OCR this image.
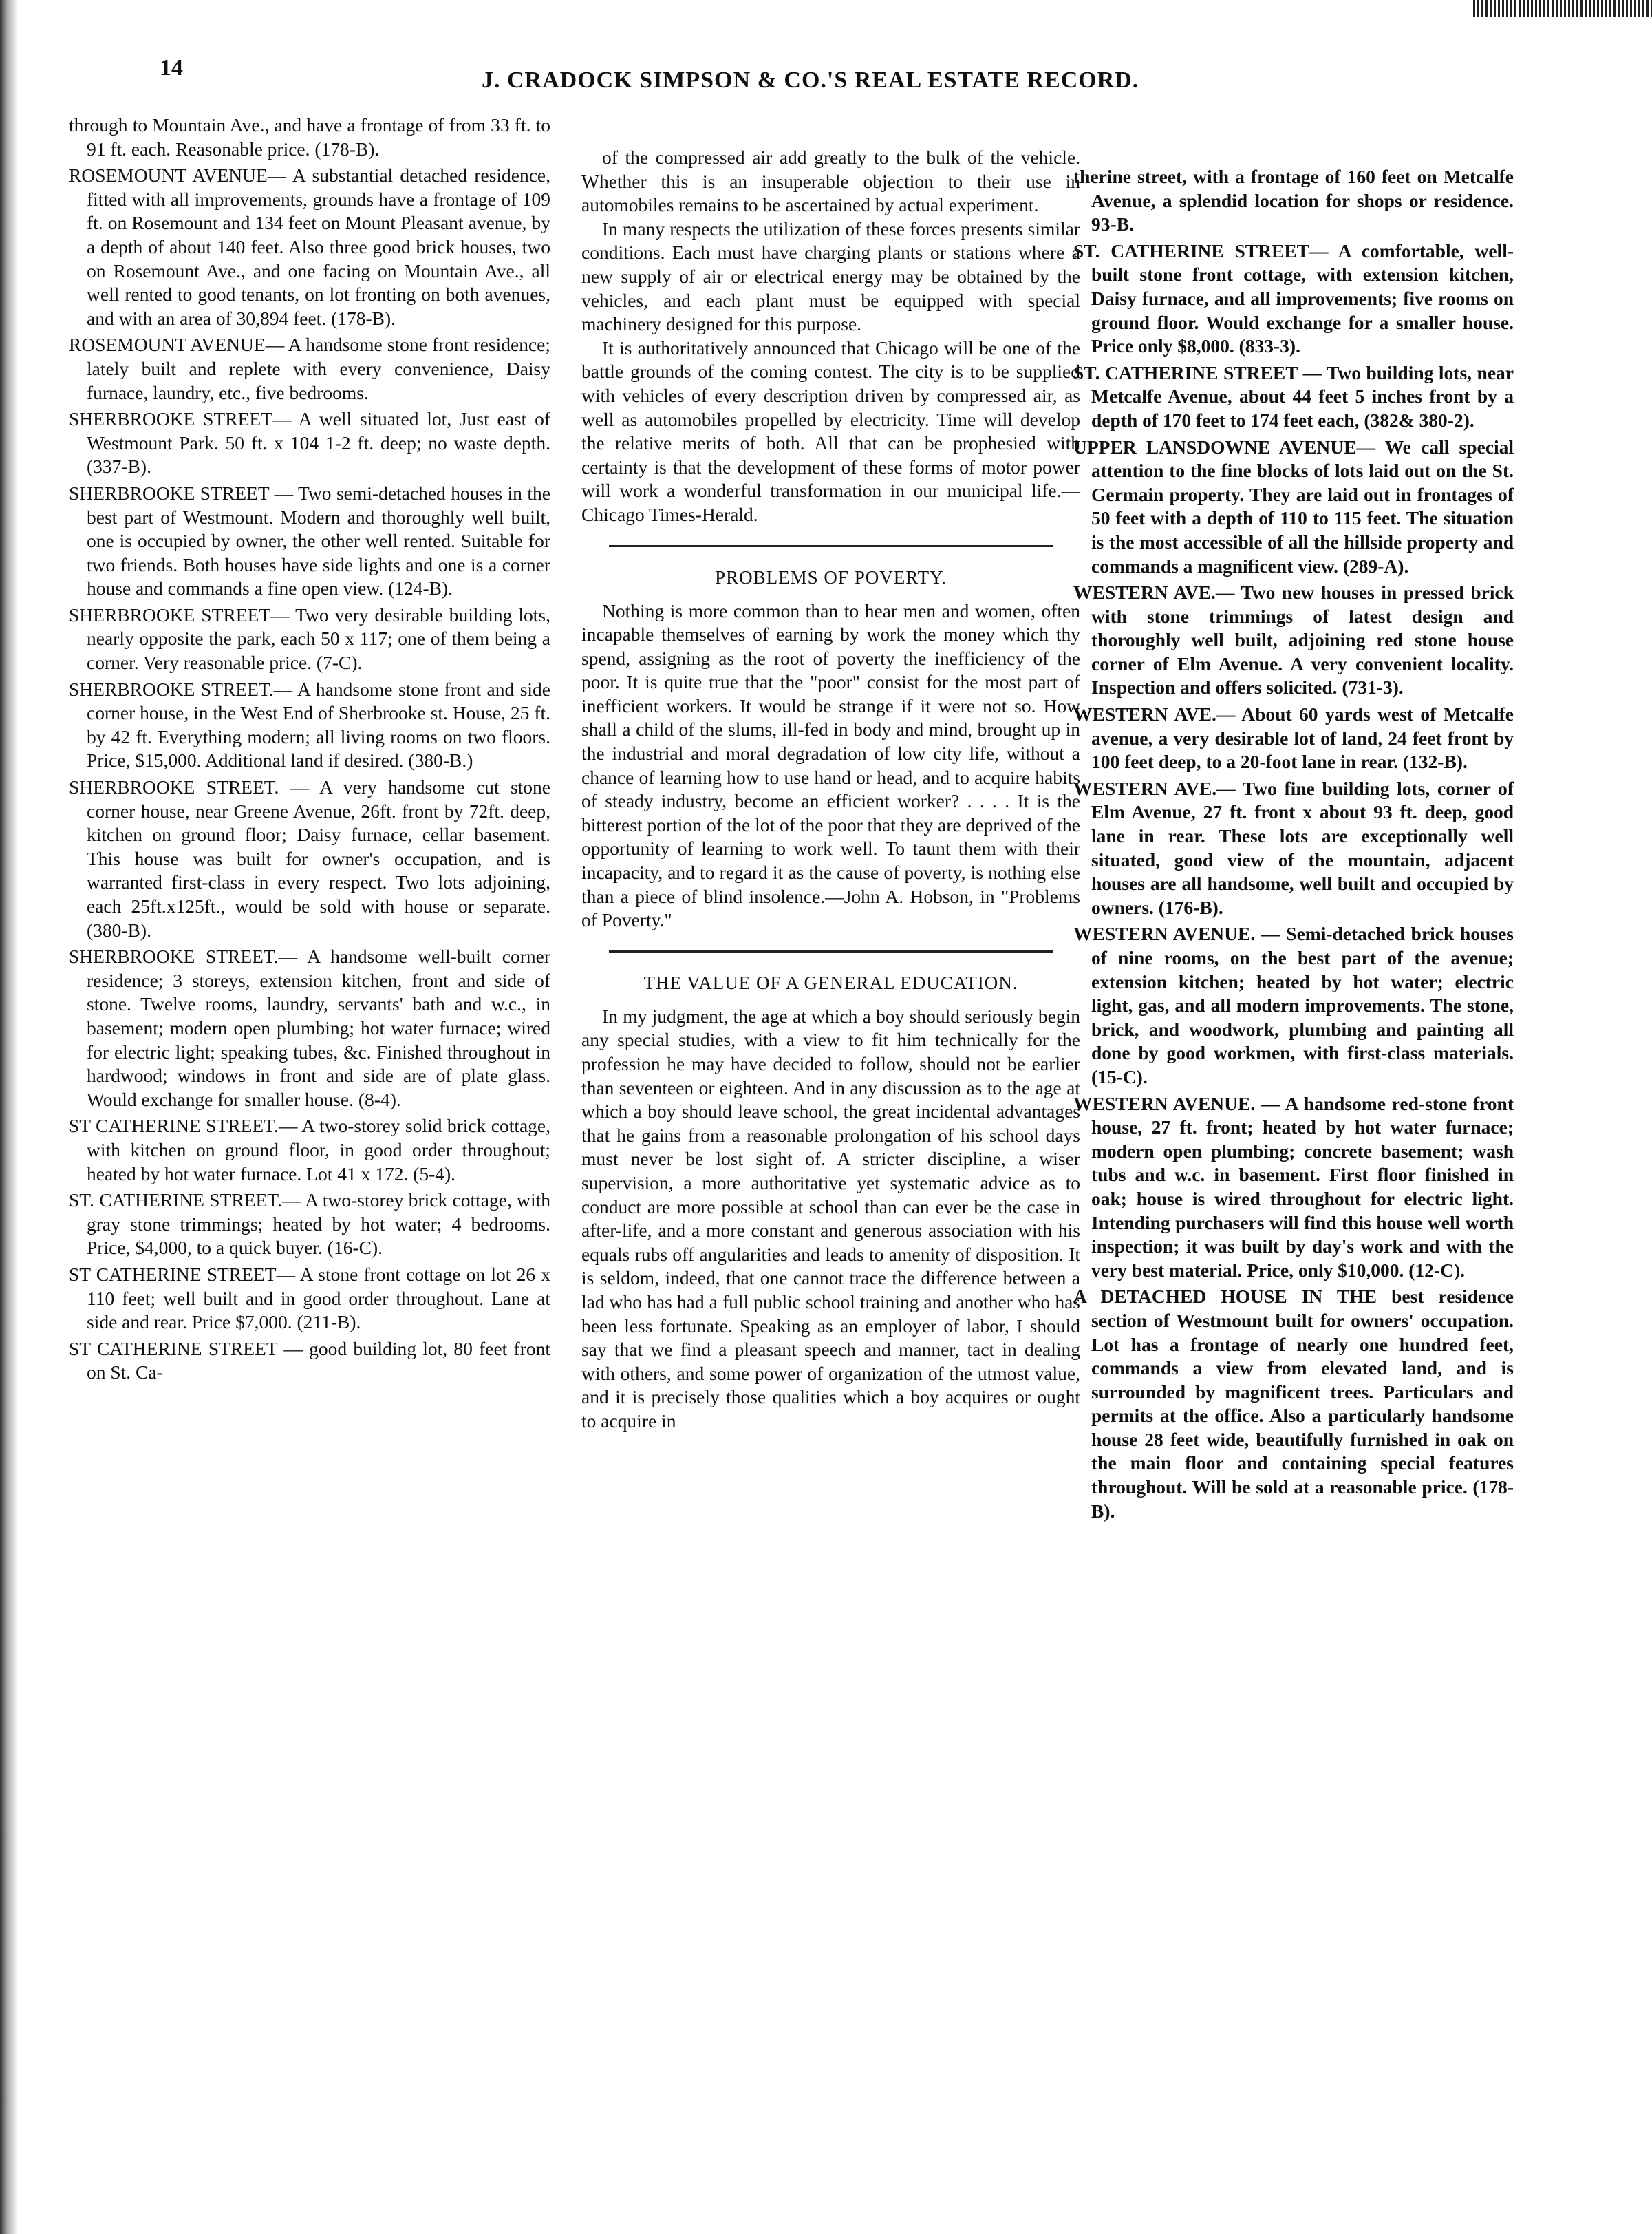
14	J. CRADOCK SIMPSON & CO.'S REAL ESTATE RECORD.

through to Mountain Ave., and have a frontage of from 33 ft. to 91 ft. each. Reasonable price. (178-B).

ROSEMOUNT AVENUE— A substantial detached residence, fitted with all improvements, grounds have a frontage of 109 ft. on Rosemount and 134 feet on Mount Pleasant avenue, by a depth of about 140 feet. Also three good brick houses, two on Rosemount Ave., and one facing on Mountain Ave., all well rented to good tenants, on lot fronting on both avenues, and with an area of 30,894 feet. (178-B).

ROSEMOUNT AVENUE— A handsome stone front residence; lately built and replete with every convenience, Daisy furnace, laundry, etc., five bedrooms.

SHERBROOKE STREET— A well situated lot, Just east of Westmount Park. 50 ft. x 104 1-2 ft. deep; no waste depth. (337-B).

SHERBROOKE STREET — Two semi-detached houses in the best part of Westmount. Modern and thoroughly well built, one is occupied by owner, the other well rented. Suitable for two friends. Both houses have side lights and one is a corner house and commands a fine open view. (124-B).

SHERBROOKE STREET— Two very desirable building lots, nearly opposite the park, each 50 x 117; one of them being a corner. Very reasonable price. (7-C).

SHERBROOKE STREET.— A handsome stone front and side corner house, in the West End of Sherbrooke st. House, 25 ft. by 42 ft. Everything modern; all living rooms on two floors. Price, $15,000. Additional land if desired. (380-B.)

SHERBROOKE STREET. — A very handsome cut stone corner house, near Greene Avenue, 26ft. front by 72ft. deep, kitchen on ground floor; Daisy furnace, cellar basement. This house was built for owner's occupation, and is warranted first-class in every respect. Two lots adjoining, each 25ft.x125ft., would be sold with house or separate. (380-B).

SHERBROOKE STREET.— A handsome well-built corner residence; 3 storeys, extension kitchen, front and side of stone. Twelve rooms, laundry, servants' bath and w.c., in basement; modern open plumbing; hot water furnace; wired for electric light; speaking tubes, &c. Finished throughout in hardwood; windows in front and side are of plate glass. Would exchange for smaller house. (8-4).

ST CATHERINE STREET.— A two-storey solid brick cottage, with kitchen on ground floor, in good order throughout; heated by hot water furnace. Lot 41 x 172. (5-4).

ST. CATHERINE STREET.— A two-storey brick cottage, with gray stone trimmings; heated by hot water; 4 bedrooms. Price, $4,000, to a quick buyer. (16-C).

ST CATHERINE STREET— A stone front cottage on lot 26 x 110 feet; well built and in good order throughout. Lane at side and rear. Price $7,000. (211-B).

ST CATHERINE STREET — good building lot, 80 feet front on St. Ca-

of the compressed air add greatly to the bulk of the vehicle. Whether this is an insuperable objection to their use in automobiles remains to be ascertained by actual experiment.

In many respects the utilization of these forces presents similar conditions. Each must have charging plants or stations where a new supply of air or electrical energy may be obtained by the vehicles, and each plant must be equipped with special machinery designed for this purpose.

It is authoritatively announced that Chicago will be one of the battle grounds of the coming contest. The city is to be supplied with vehicles of every description driven by compressed air, as well as automobiles propelled by electricity. Time will develop the relative merits of both. All that can be prophesied with certainty is that the development of these forms of motor power will work a wonderful transformation in our municipal life.—Chicago Times-Herald.

PROBLEMS OF POVERTY.

Nothing is more common than to hear men and women, often incapable themselves of earning by work the money which thy spend, assigning as the root of poverty the inefficiency of the poor. It is quite true that the "poor" consist for the most part of inefficient workers. It would be strange if it were not so. How shall a child of the slums, ill-fed in body and mind, brought up in the industrial and moral degradation of low city life, without a chance of learning how to use hand or head, and to acquire habits of steady industry, become an efficient worker? . . . . It is the bitterest portion of the lot of the poor that they are deprived of the opportunity of learning to work well. To taunt them with their incapacity, and to regard it as the cause of poverty, is nothing else than a piece of blind insolence.—John A. Hobson, in "Problems of Poverty."

THE VALUE OF A GENERAL EDUCATION.

In my judgment, the age at which a boy should seriously begin any special studies, with a view to fit him technically for the profession he may have decided to follow, should not be earlier than seventeen or eighteen. And in any discussion as to the age at which a boy should leave school, the great incidental advantages that he gains from a reasonable prolongation of his school days must never be lost sight of. A stricter discipline, a wiser supervision, a more authoritative yet systematic advice as to conduct are more possible at school than can ever be the case in after-life, and a more constant and generous association with his equals rubs off angularities and leads to amenity of disposition. It is seldom, indeed, that one cannot trace the difference between a lad who has had a full public school training and another who has been less fortunate. Speaking as an employer of labor, I should say that we find a pleasant speech and manner, tact in dealing with others, and some power of organization of the utmost value, and it is precisely those qualities which a boy acquires or ought to acquire in

therine street, with a frontage of 160 feet on Metcalfe Avenue, a splendid location for shops or residence. 93-B.

ST. CATHERINE STREET— A comfortable, well-built stone front cottage, with extension kitchen, Daisy furnace, and all improvements; five rooms on ground floor. Would exchange for a smaller house. Price only $8,000. (833-3).

ST. CATHERINE STREET — Two building lots, near Metcalfe Avenue, about 44 feet 5 inches front by a depth of 170 feet to 174 feet each, (382& 380-2).

UPPER LANSDOWNE AVENUE— We call special attention to the fine blocks of lots laid out on the St. Germain property. They are laid out in frontages of 50 feet with a depth of 110 to 115 feet. The situation is the most accessible of all the hillside property and commands a magnificent view. (289-A).

WESTERN AVE.— Two new houses in pressed brick with stone trimmings of latest design and thoroughly well built, adjoining red stone house corner of Elm Avenue. A very convenient locality. Inspection and offers solicited. (731-3).

WESTERN AVE.— About 60 yards west of Metcalfe avenue, a very desirable lot of land, 24 feet front by 100 feet deep, to a 20-foot lane in rear. (132-B).

WESTERN AVE.— Two fine building lots, corner of Elm Avenue, 27 ft. front x about 93 ft. deep, good lane in rear. These lots are exceptionally well situated, good view of the mountain, adjacent houses are all handsome, well built and occupied by owners. (176-B).

WESTERN AVENUE. — Semi-detached brick houses of nine rooms, on the best part of the avenue; extension kitchen; heated by hot water; electric light, gas, and all modern improvements. The stone, brick, and woodwork, plumbing and painting all done by good workmen, with first-class materials. (15-C).

WESTERN AVENUE. — A handsome red-stone front house, 27 ft. front; heated by hot water furnace; modern open plumbing; concrete basement; wash tubs and w.c. in basement. First floor finished in oak; house is wired throughout for electric light. Intending purchasers will find this house well worth inspection; it was built by day's work and with the very best material. Price, only $10,000. (12-C).

A DETACHED HOUSE IN THE best residence section of Westmount built for owners' occupation. Lot has a frontage of nearly one hundred feet, commands a view from elevated land, and is surrounded by magnificent trees. Particulars and permits at the office. Also a particularly handsome house 28 feet wide, beautifully furnished in oak on the main floor and containing special features throughout. Will be sold at a reasonable price. (178-B).
